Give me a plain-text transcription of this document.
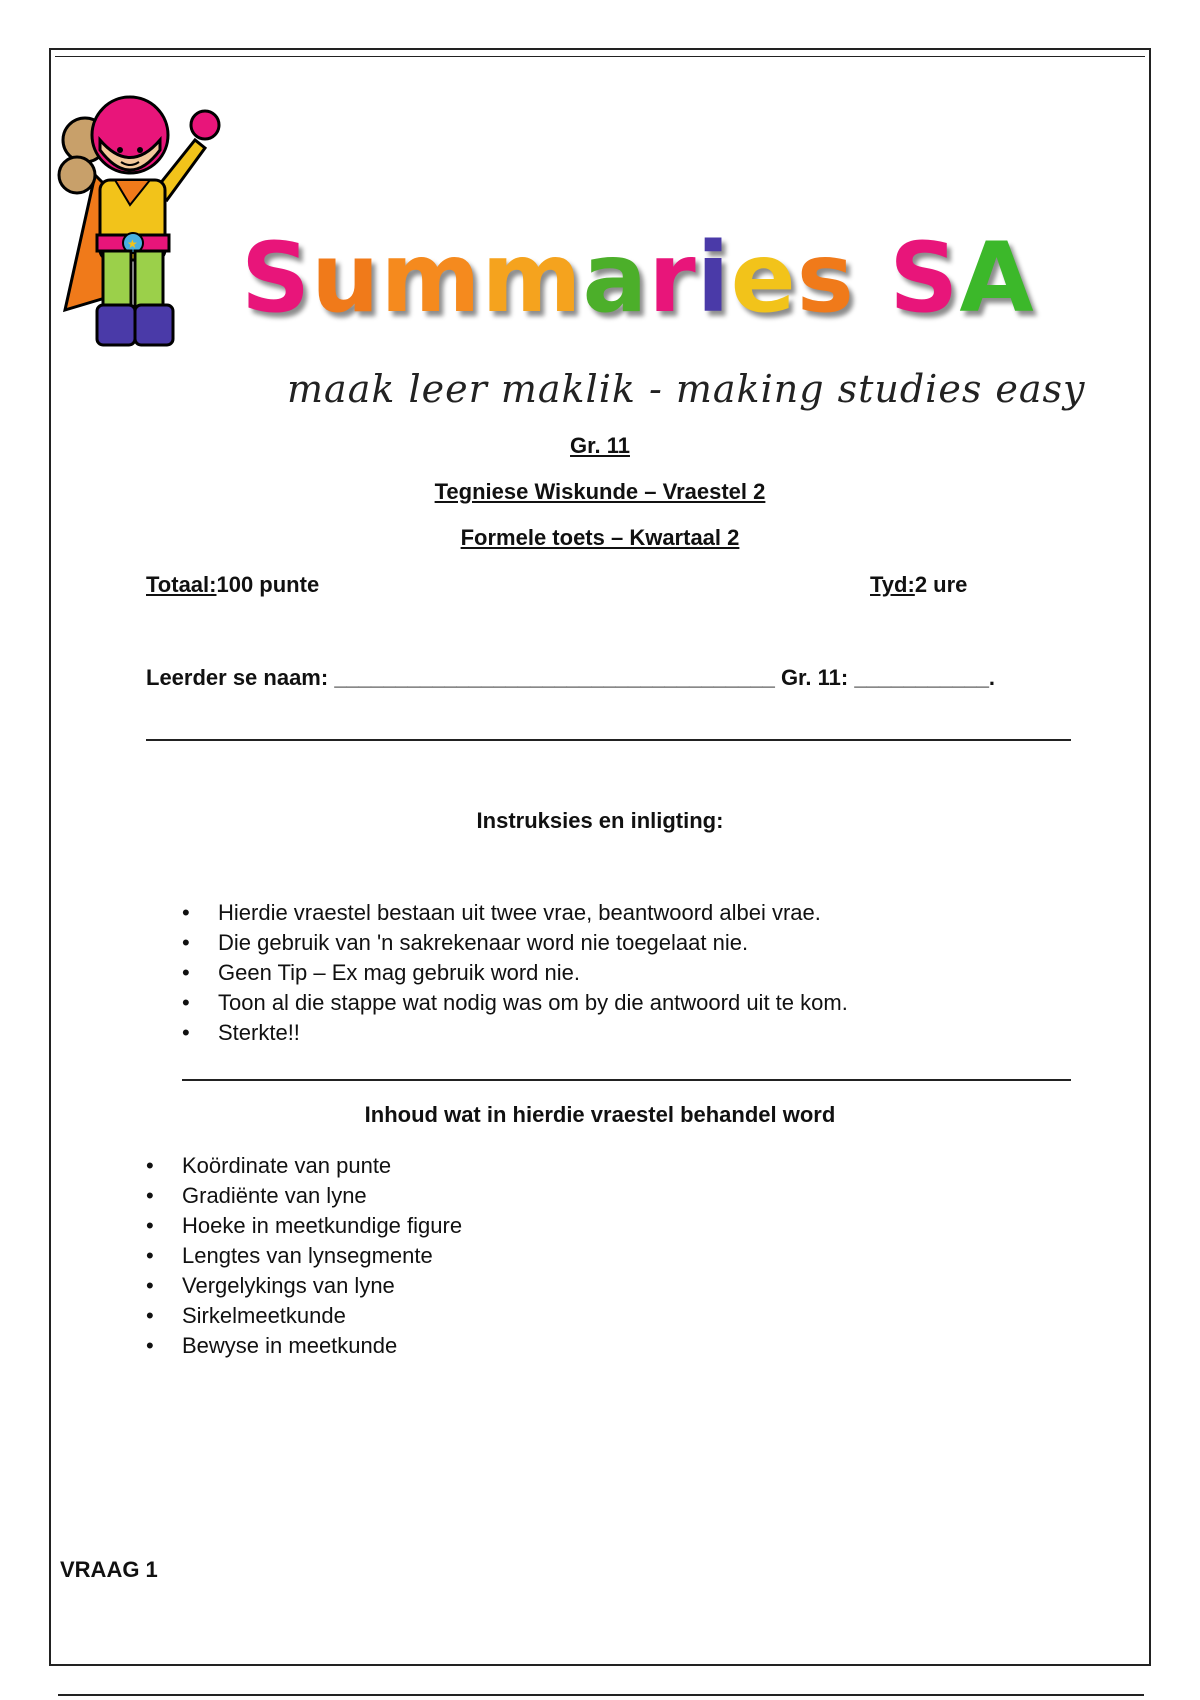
★ Summaries SA
maak leer maklik - making studies easy
Gr. 11
Tegniese Wiskunde – Vraestel 2
Formele toets – Kwartaal 2
Totaal:100 punte	Tyd:2 ure
Leerder se naam: ____________________________________ Gr. 11: ___________.
Instruksies en inligting:
• Hierdie vraestel bestaan uit twee vrae, beantwoord albei vrae.
• Die gebruik van 'n sakrekenaar word nie toegelaat nie.
• Geen Tip – Ex mag gebruik word nie.
• Toon al die stappe wat nodig was om by die antwoord uit te kom.
• Sterkte!!
Inhoud wat in hierdie vraestel behandel word
• Koördinate van punte
• Gradiënte van lyne
• Hoeke in meetkundige figure
• Lengtes van lynsegmente
• Vergelykings van lyne
• Sirkelmeetkunde
• Bewyse in meetkunde
VRAAG 1
